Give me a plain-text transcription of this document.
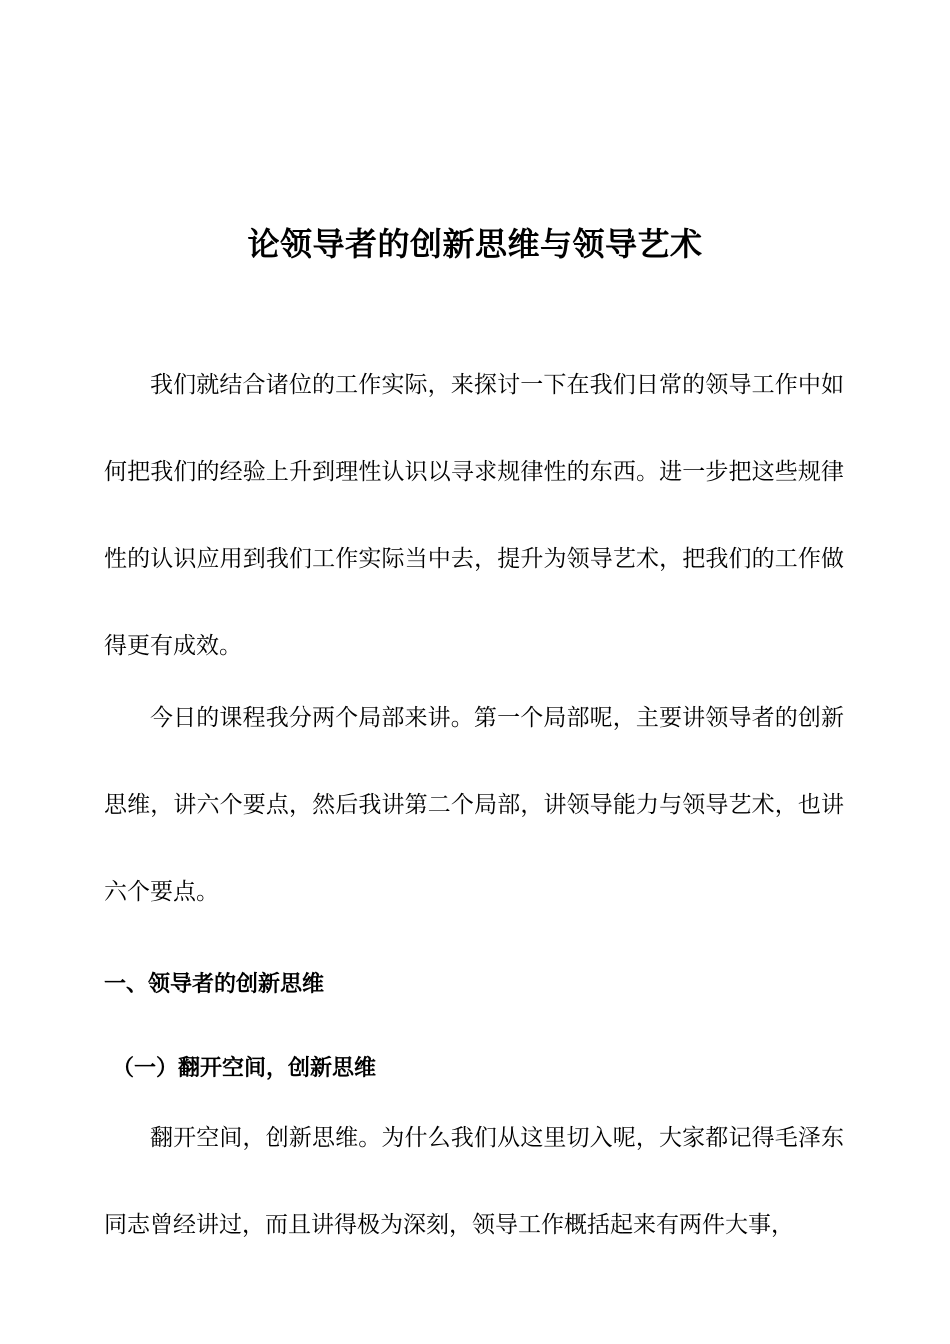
论领导者的创新思维与领导艺术

我们就结合诸位的工作实际，来探讨一下在我们日常的领导工作中如何把我们的经验上升到理性认识以寻求规律性的东西。进一步把这些规律性的认识应用到我们工作实际当中去，提升为领导艺术，把我们的工作做得更有成效。

今日的课程我分两个局部来讲。第一个局部呢，主要讲领导者的创新思维，讲六个要点，然后我讲第二个局部，讲领导能力与领导艺术，也讲六个要点。

一、领导者的创新思维
（一）翻开空间，创新思维

翻开空间，创新思维。为什么我们从这里切入呢，大家都记得毛泽东同志曾经讲过，而且讲得极为深刻，领导工作概括起来有两件大事，
